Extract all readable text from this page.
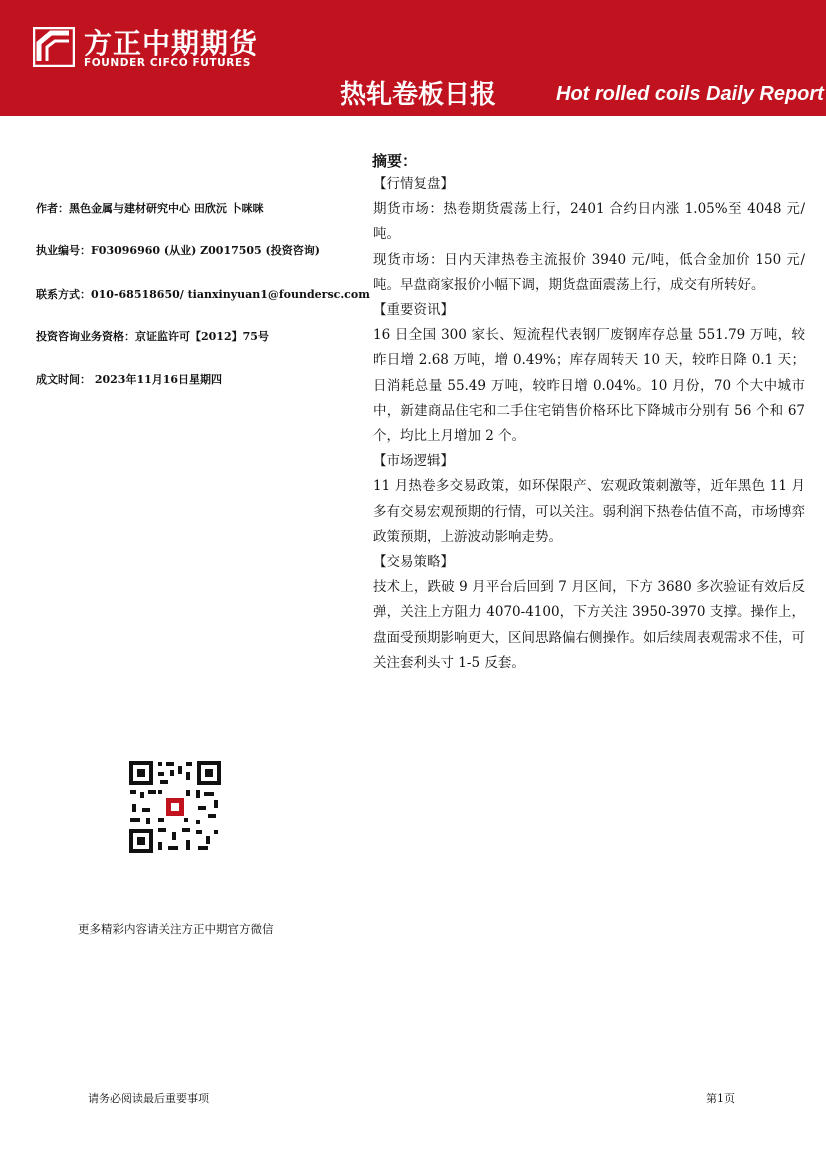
方正中期期货
FOUNDER CIFCO FUTURES
热轧卷板日报	Hot rolled coils Daily Report
作者：黑色金属与建材研究中心 田欣沅 卜咪咪
执业编号：F03096960 (从业) Z0017505 (投资咨询)
联系方式：010-68518650/ tianxinyuan1@foundersc.com
投资咨询业务资格：京证监许可【2012】75号
成文时间： 2023年11月16日星期四
摘要：
【行情复盘】

期货市场：热卷期货震荡上行，2401 合约日内涨 1.05%至 4048 元/吨。

现货市场：日内天津热卷主流报价 3940 元/吨，低合金加价 150 元/吨。早盘商家报价小幅下调，期货盘面震荡上行，成交有所转好。

【重要资讯】

16 日全国 300 家长、短流程代表钢厂废钢库存总量 551.79 万吨，较昨日增 2.68 万吨，增 0.49%；库存周转天 10 天，较昨日降 0.1 天；日消耗总量 55.49 万吨，较昨日增 0.04%。10 月份，70 个大中城市中，新建商品住宅和二手住宅销售价格环比下降城市分别有 56 个和 67 个，均比上月增加 2 个。

【市场逻辑】

11 月热卷多交易政策，如环保限产、宏观政策刺激等，近年黑色 11 月多有交易宏观预期的行情，可以关注。弱利润下热卷估值不高，市场博弈政策预期，上游波动影响走势。

【交易策略】

技术上，跌破 9 月平台后回到 7 月区间，下方 3680 多次验证有效后反弹，关注上方阻力 4070-4100，下方关注 3950-3970 支撑。操作上，盘面受预期影响更大，区间思路偏右侧操作。如后续周表观需求不佳，可关注套利头寸 1-5 反套。

更多精彩内容请关注方正中期官方微信
请务必阅读最后重要事项	第1页
